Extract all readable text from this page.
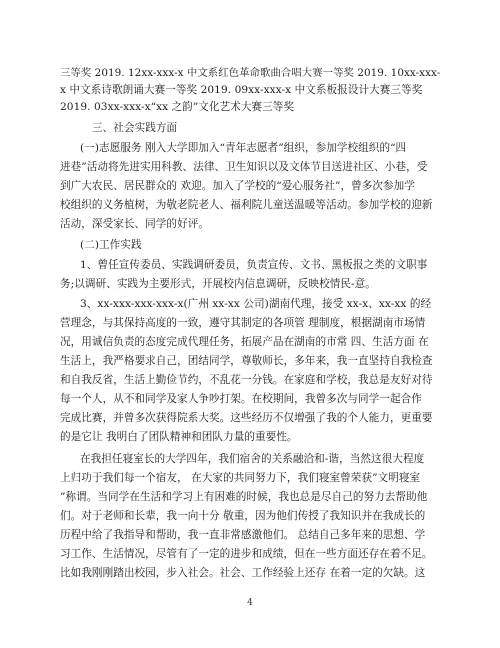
三等奖 2019. 12xx-xxx-x 中文系红色革命歌曲合唱大赛一等奖 2019. 10xx-xxx-
x 中文系诗歌朗诵大赛一等奖 2019. 09xx-xxx-x 中文系板报设计大赛三等奖
2019. 03xx-xxx-x“xx 之韵”文化艺术大赛三等奖
三、社会实践方面
(一)志愿服务 刚入大学即加入“青年志愿者”组织，参加学校组织的“四
进巷”活动将先进实用科教、法律、卫生知识以及文体节目送进社区、小巷，受
到广大农民、居民群众的 欢迎。加入了学校的“爱心服务社”，曾多次参加学
校组织的义务植树，为敬老院老人、福利院儿童送温暖等活动。参加学校的迎新
活动，深受家长、同学的好评。
(二)工作实践
1、曾任宣传委员、实践调研委员，负责宣传、文书、黑板报之类的文职事
务;以调研、实践为主要形式，开展校内信息调研，反映校情民-意。
3、xx-xxx-xxx-xxx-x(广州 xx-xx 公司)湖南代理，接受 xx-x、xx-xx 的经
营理念，与其保持高度的一致，遵守其制定的各项管 理制度，根据湖南市场情
况，用诚信负责的态度完成代理任务，拓展产品在湖南的市常 四、生活方面 在
生活上，我严格要求自己，团结同学，尊敬师长，多年来，我一直坚持自我检查
和自我反省，生活上勤俭节约，不乱花一分钱。在家庭和学校，我总是友好对待
每一个人，从不和同学及家人争吵打架。在校期间，我曾多次与同学一起合作
完成比赛，并曾多次获得院系大奖。这些经历不仅增强了我的个人能力，更重要
的是它让 我明白了团队精神和团队力量的重要性。
在我担任寝室长的大学四年，我们宿舍的关系融洽和-谐，当然这很大程度
上归功于我们每一个宿友， 在大家的共同努力下，我们寝室曾荣获”文明寝室
”称谓。当同学在生活和学习上有困难的时候，我也总是尽自己的努力去帮助他
们。对于老师和长辈，我一向十分 敬重，因为他们传授了我知识并在我成长的
历程中给了我指导和帮助，我一直非常感激他们。 总结自己多年来的思想、学
习工作、生活情况，尽管有了一定的进步和成绩，但在一些方面还存在着不足。
比如我刚刚踏出校园，步入社会。社会、工作经验上还存 在着一定的欠缺。这
4
